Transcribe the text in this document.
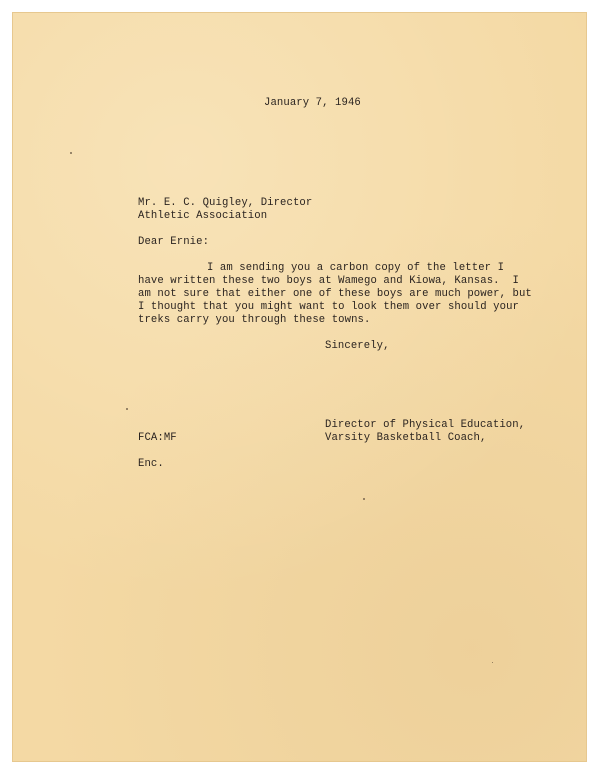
January 7, 1946
Mr. E. C. Quigley, Director
Athletic Association
Dear Ernie:
I am sending you a carbon copy of the letter I
have written these two boys at Wamego and Kiowa, Kansas.  I
am not sure that either one of these boys are much power, but
I thought that you might want to look them over should your
treks carry you through these towns.
Sincerely,
Director of Physical Education,
Varsity Basketball Coach,
FCA:MF
Enc.
